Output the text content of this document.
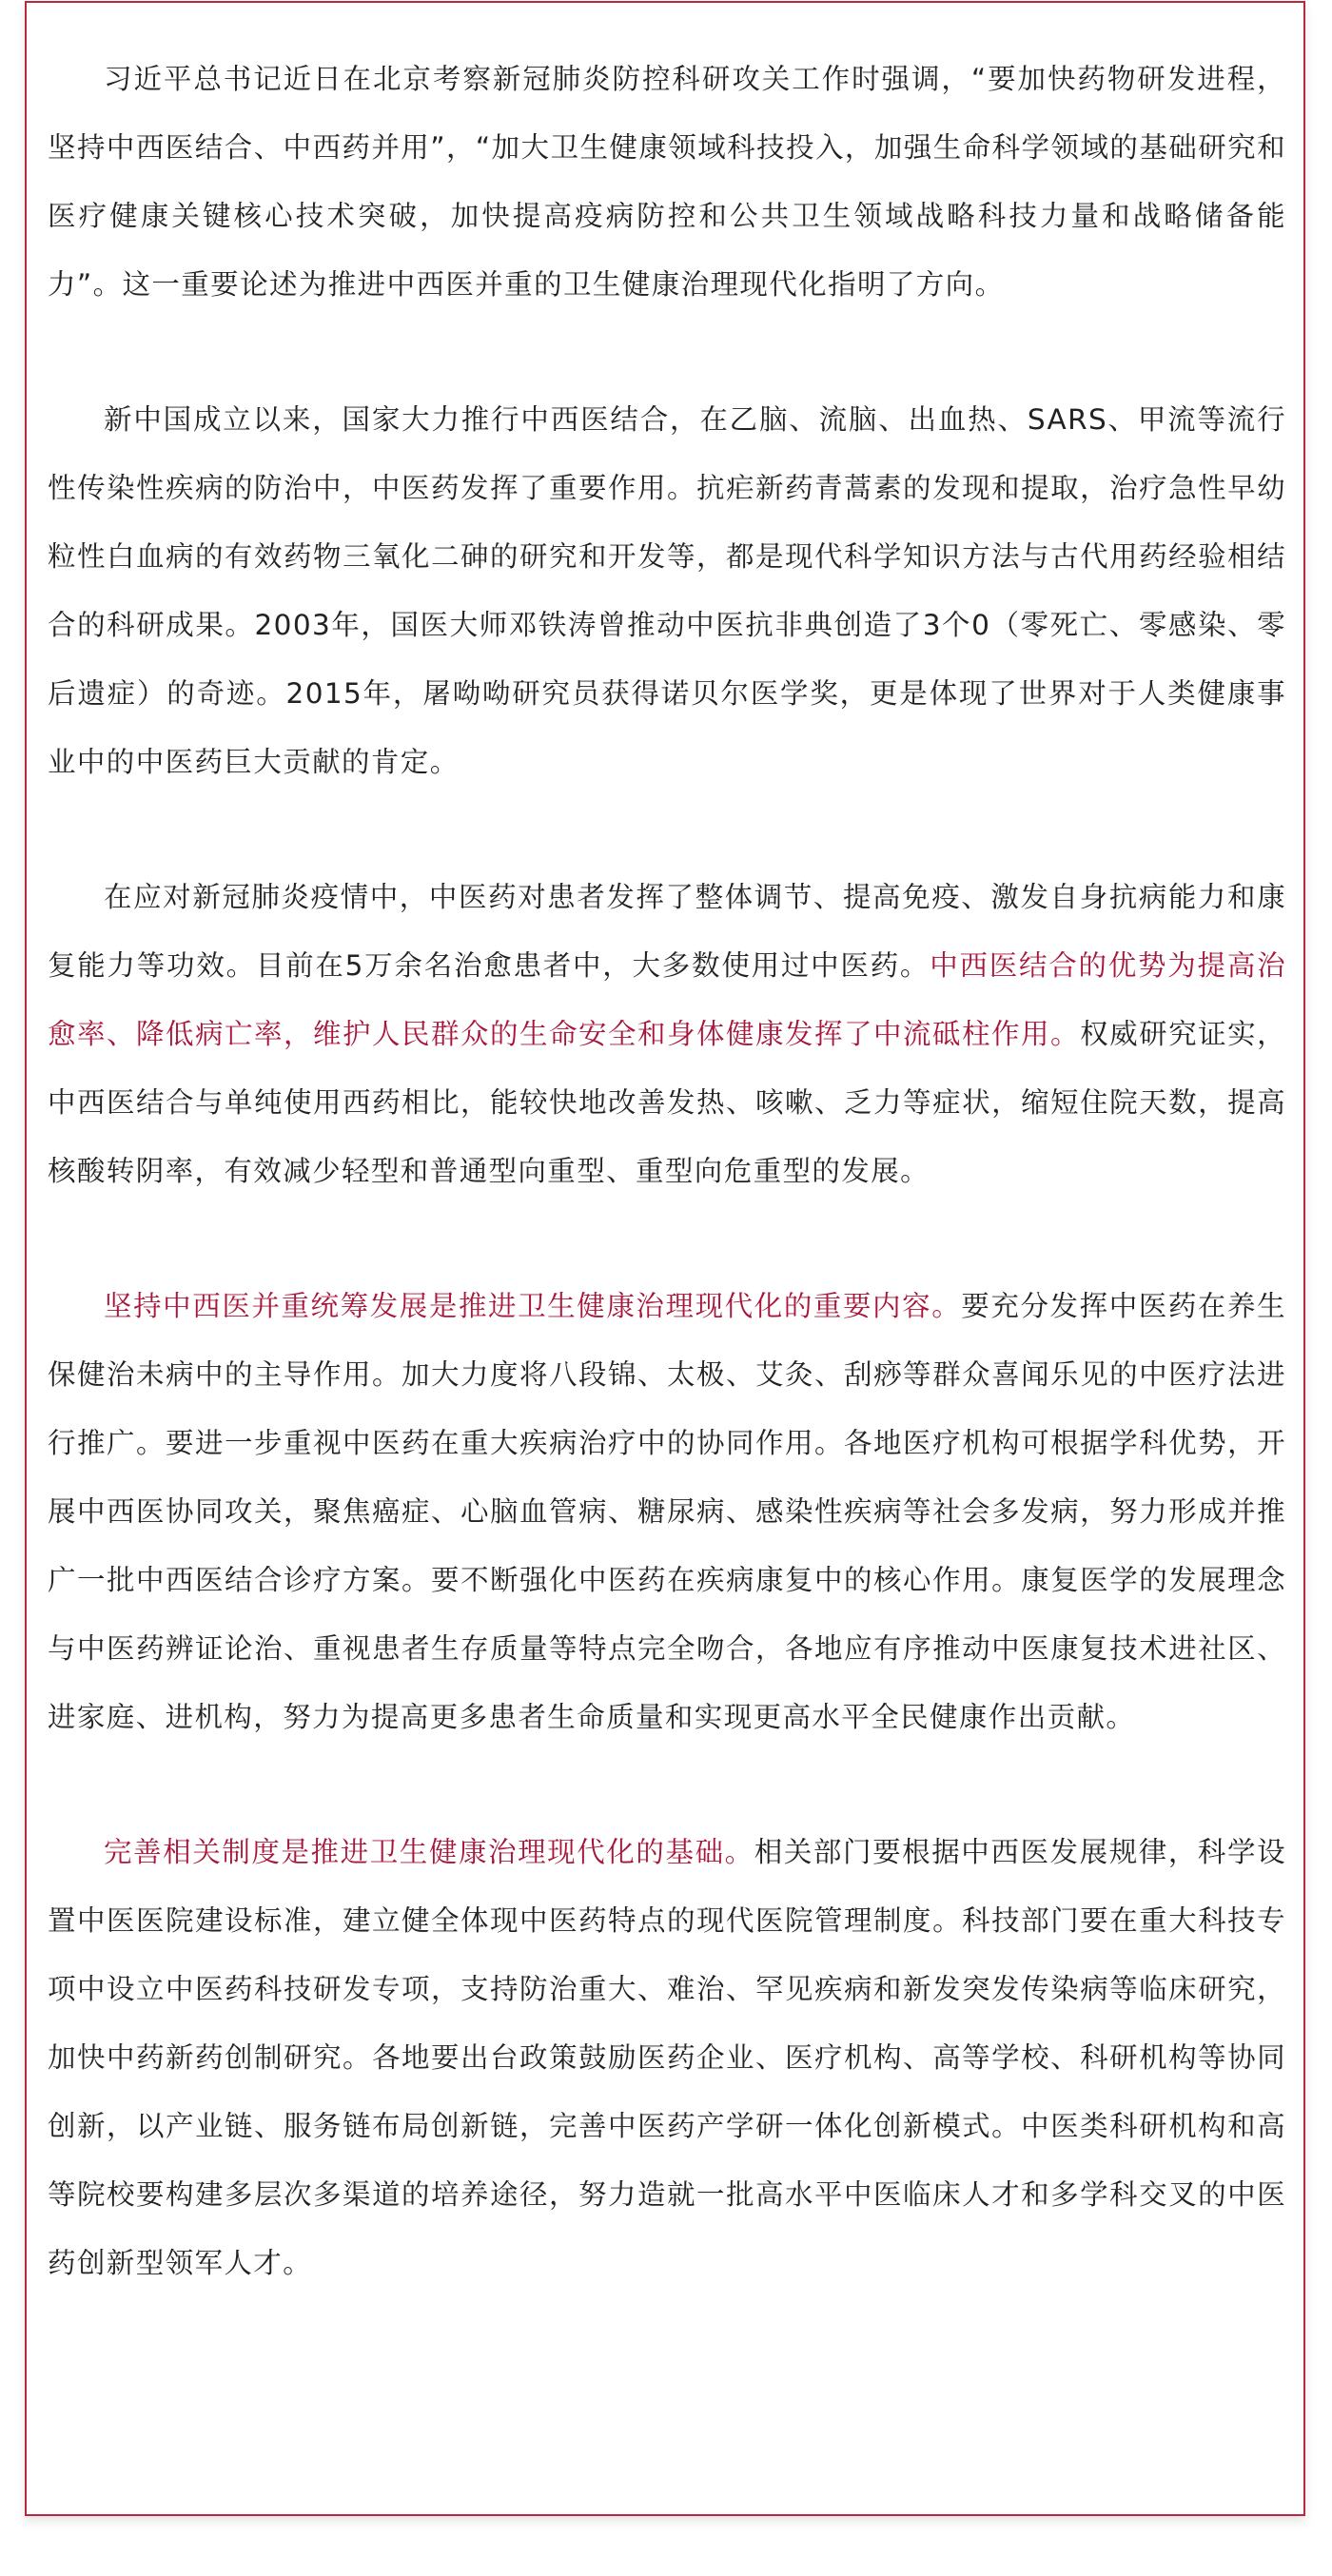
习近平总书记近日在北京考察新冠肺炎防控科研攻关工作时强调，“要加快药物研发进程，坚持中西医结合、中西药并用”，“加大卫生健康领域科技投入，加强生命科学领域的基础研究和医疗健康关键核心技术突破，加快提高疫病防控和公共卫生领域战略科技力量和战略储备能力”。这一重要论述为推进中西医并重的卫生健康治理现代化指明了方向。

新中国成立以来，国家大力推行中西医结合，在乙脑、流脑、出血热、SARS、甲流等流行性传染性疾病的防治中，中医药发挥了重要作用。抗疟新药青蒿素的发现和提取，治疗急性早幼粒性白血病的有效药物三氧化二砷的研究和开发等，都是现代科学知识方法与古代用药经验相结合的科研成果。2003年，国医大师邓铁涛曾推动中医抗非典创造了3个0（零死亡、零感染、零后遗症）的奇迹。2015年，屠呦呦研究员获得诺贝尔医学奖，更是体现了世界对于人类健康事业中的中医药巨大贡献的肯定。

在应对新冠肺炎疫情中，中医药对患者发挥了整体调节、提高免疫、激发自身抗病能力和康复能力等功效。目前在5万余名治愈患者中，大多数使用过中医药。中西医结合的优势为提高治愈率、降低病亡率，维护人民群众的生命安全和身体健康发挥了中流砥柱作用。权威研究证实，中西医结合与单纯使用西药相比，能较快地改善发热、咳嗽、乏力等症状，缩短住院天数，提高核酸转阴率，有效减少轻型和普通型向重型、重型向危重型的发展。

坚持中西医并重统筹发展是推进卫生健康治理现代化的重要内容。要充分发挥中医药在养生保健治未病中的主导作用。加大力度将八段锦、太极、艾灸、刮痧等群众喜闻乐见的中医疗法进行推广。要进一步重视中医药在重大疾病治疗中的协同作用。各地医疗机构可根据学科优势，开展中西医协同攻关，聚焦癌症、心脑血管病、糖尿病、感染性疾病等社会多发病，努力形成并推广一批中西医结合诊疗方案。要不断强化中医药在疾病康复中的核心作用。康复医学的发展理念与中医药辨证论治、重视患者生存质量等特点完全吻合，各地应有序推动中医康复技术进社区、进家庭、进机构，努力为提高更多患者生命质量和实现更高水平全民健康作出贡献。

完善相关制度是推进卫生健康治理现代化的基础。相关部门要根据中西医发展规律，科学设置中医医院建设标准，建立健全体现中医药特点的现代医院管理制度。科技部门要在重大科技专项中设立中医药科技研发专项，支持防治重大、难治、罕见疾病和新发突发传染病等临床研究，加快中药新药创制研究。各地要出台政策鼓励医药企业、医疗机构、高等学校、科研机构等协同创新，以产业链、服务链布局创新链，完善中医药产学研一体化创新模式。中医类科研机构和高等院校要构建多层次多渠道的培养途径，努力造就一批高水平中医临床人才和多学科交叉的中医药创新型领军人才。
